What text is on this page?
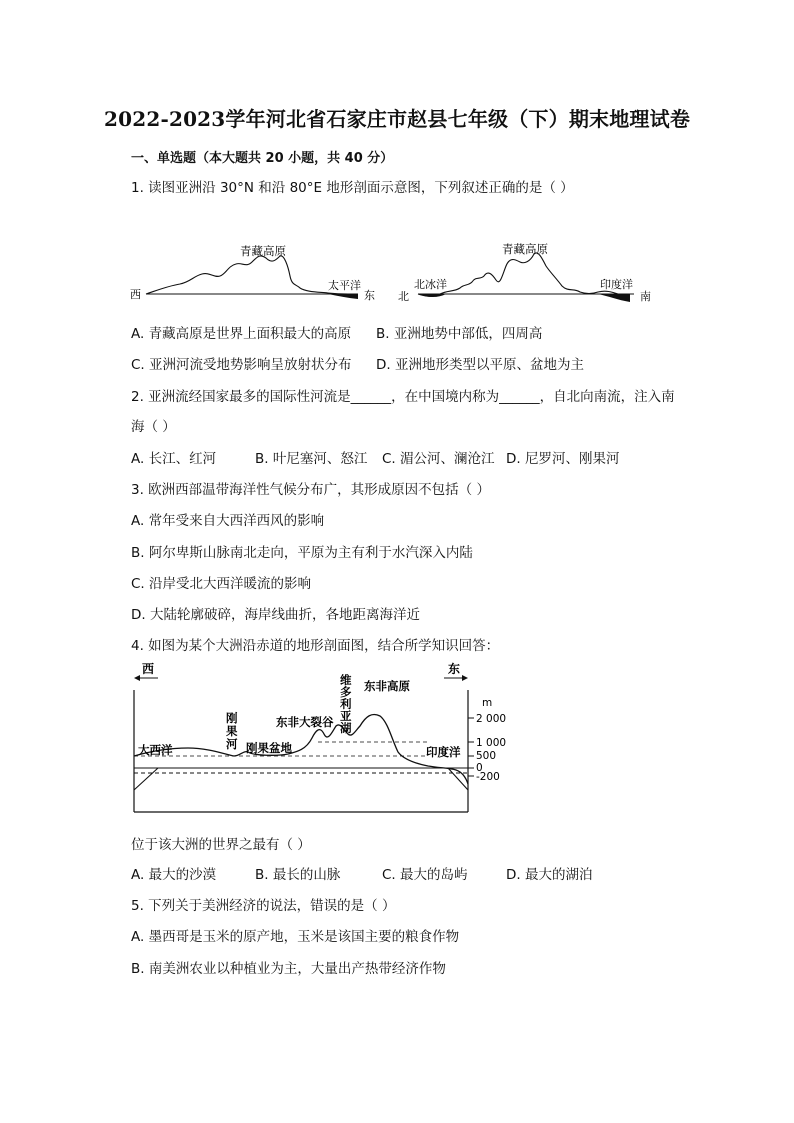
2022-2023学年河北省石家庄市赵县七年级（下）期末地理试卷
一、单选题（本大题共 20 小题，共 40 分）
1. 读图亚洲沿 30°N 和沿 80°E 地形剖面示意图，下列叙述正确的是（ ）
青藏高原
西	东
太平洋
青藏高原
北	南
北冰洋	印度洋
A. 青藏高原是世界上面积最大的高原 B. 亚洲地势中部低，四周高
C. 亚洲河流受地势影响呈放射状分布 D. 亚洲地形类型以平原、盆地为主
2. 亚洲流经国家最多的国际性河流是______，在中国境内称为______，自北向南流，注入南
海（ ）
A. 长江、红河	B. 叶尼塞河、怒江 C. 湄公河、澜沧江 D. 尼罗河、刚果河
3. 欧洲西部温带海洋性气候分布广，其形成原因不包括（ ）
A. 常年受来自大西洋西风的影响
B. 阿尔卑斯山脉南北走向，平原为主有利于水汽深入内陆
C. 沿岸受北大西洋暖流的影响
D. 大陆轮廓破碎，海岸线曲折，各地距离海洋近
4. 如图为某个大洲沿赤道的地形剖面图，结合所学知识回答：
西	东
2 000
1 000
500
0
-200
m
大西洋	印度洋
刚果盆地
东非大裂谷
东非高原
刚
果
河
维
多
利
亚
湖
位于该大洲的世界之最有（ ）
A. 最大的沙漠	B. 最长的山脉	C. 最大的岛屿	D. 最大的湖泊
5. 下列关于美洲经济的说法，错误的是（ ）
A. 墨西哥是玉米的原产地，玉米是该国主要的粮食作物
B. 南美洲农业以种植业为主，大量出产热带经济作物
